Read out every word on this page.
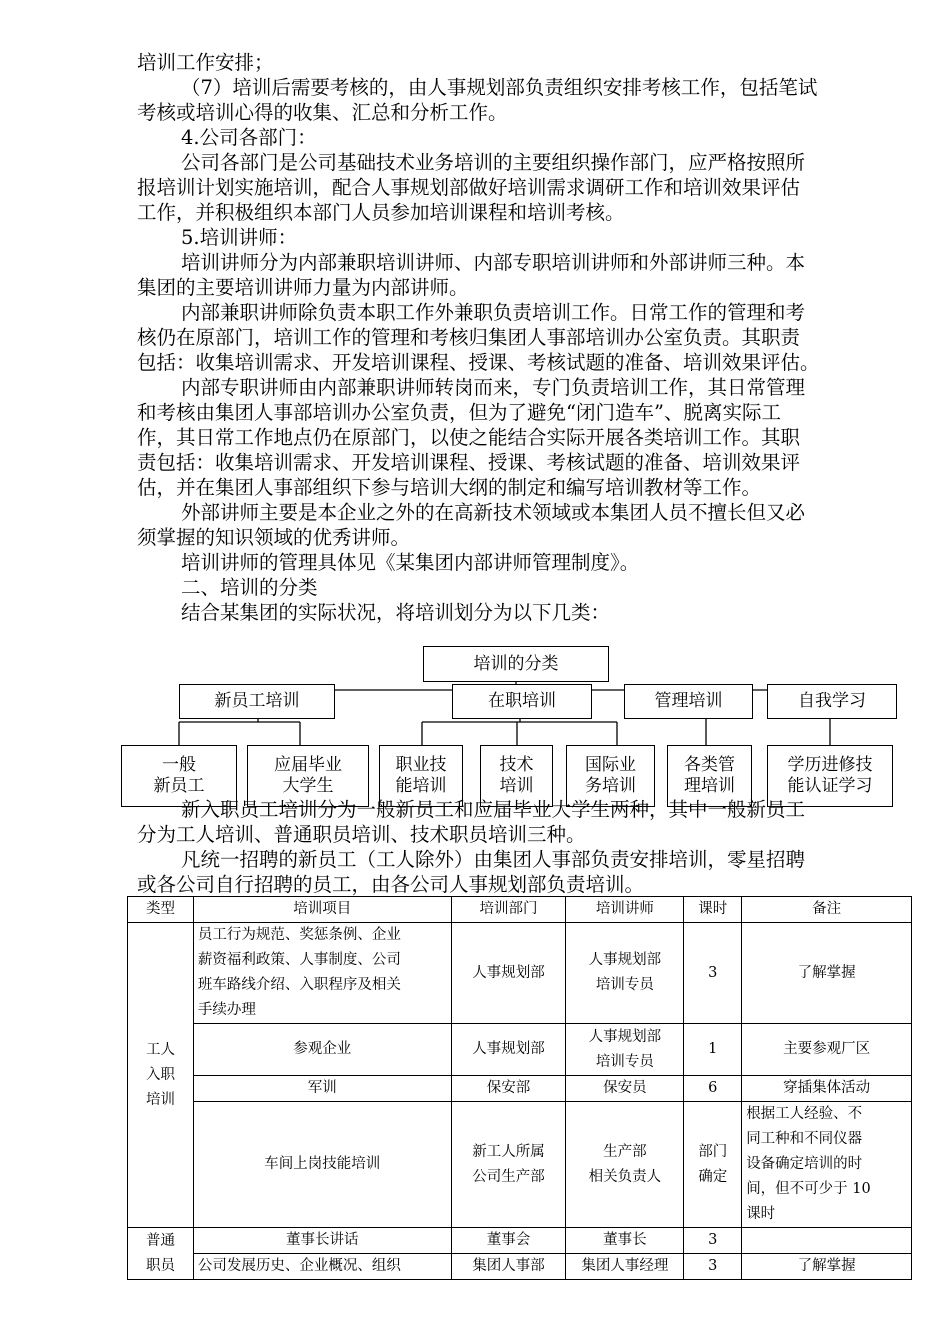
培训工作安排；
（7）培训后需要考核的，由人事规划部负责组织安排考核工作，包括笔试
考核或培训心得的收集、汇总和分析工作。
4.公司各部门：
公司各部门是公司基础技术业务培训的主要组织操作部门，应严格按照所
报培训计划实施培训，配合人事规划部做好培训需求调研工作和培训效果评估
工作，并积极组织本部门人员参加培训课程和培训考核。
5.培训讲师：
培训讲师分为内部兼职培训讲师、内部专职培训讲师和外部讲师三种。本
集团的主要培训讲师力量为内部讲师。
内部兼职讲师除负责本职工作外兼职负责培训工作。日常工作的管理和考
核仍在原部门，培训工作的管理和考核归集团人事部培训办公室负责。其职责
包括：收集培训需求、开发培训课程、授课、考核试题的准备、培训效果评估。
内部专职讲师由内部兼职讲师转岗而来，专门负责培训工作，其日常管理
和考核由集团人事部培训办公室负责，但为了避免“闭门造车”、脱离实际工
作，其日常工作地点仍在原部门，以使之能结合实际开展各类培训工作。其职
责包括：收集培训需求、开发培训课程、授课、考核试题的准备、培训效果评
估，并在集团人事部组织下参与培训大纲的制定和编写培训教材等工作。
外部讲师主要是本企业之外的在高新技术领域或本集团人员不擅长但又必
须掌握的知识领域的优秀讲师。
培训讲师的管理具体见《某集团内部讲师管理制度》。
二、培训的分类
结合某集团的实际状况，将培训划分为以下几类：
培训的分类
新员工培训	在职培训	管理培训	自我学习
一般
新员工
应届毕业
大学生
职业技
能培训
技术
培训
国际业
务培训
各类管
理培训
学历进修技
能认证学习
新入职员工培训分为一般新员工和应届毕业大学生两种，其中一般新员工
分为工人培训、普通职员培训、技术职员培训三种。
凡统一招聘的新员工（工人除外）由集团人事部负责安排培训，零星招聘
或各公司自行招聘的员工，由各公司人事规划部负责培训。
类型	培训项目	培训部门	培训讲师	课时	备注
工人
入职
培训	员工行为规范、奖惩条例、企业
薪资福利政策、人事制度、公司
班车路线介绍、入职程序及相关
手续办理	人事规划部	人事规划部
培训专员	3	了解掌握
	参观企业	人事规划部	人事规划部
培训专员	1	主要参观厂区
	军训	保安部	保安员	6	穿插集体活动
	车间上岗技能培训	新工人所属
公司生产部	生产部
相关负责人	部门
确定	根据工人经验、不
同工种和不同仪器
设备确定培训的时
间，但不可少于 10
课时
普通
职员	董事长讲话	董事会	董事长	3	
	公司发展历史、企业概况、组织	集团人事部	集团人事经理	3	了解掌握
